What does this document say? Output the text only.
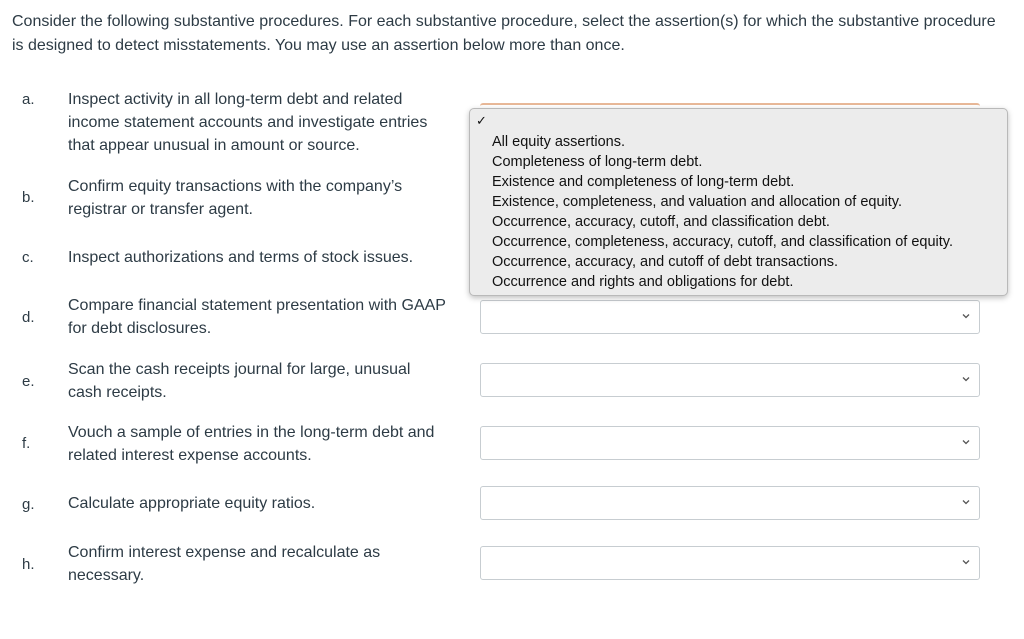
Consider the following substantive procedures. For each substantive procedure, select the assertion(s) for which the substantive procedure is designed to detect misstatements. You may use an assertion below more than once.

a. Inspect activity in all long-term debt and related income statement accounts and investigate entries that appear unusual in amount or source.
b.
Confirm equity transactions with the company’s registrar or transfer agent.
c. Inspect authorizations and terms of stock issues.
d.
Compare financial statement presentation with GAAP for debt disclosures.
e.
Scan the cash receipts journal for large, unusual cash receipts.
f.
Vouch a sample of entries in the long-term debt and related interest expense accounts.
g. Calculate appropriate equity ratios.
h.
Confirm interest expense and recalculate as necessary.
✓
All equity assertions.
Completeness of long-term debt.
Existence and completeness of long-term debt.
Existence, completeness, and valuation and allocation of equity.
Occurrence, accuracy, cutoff, and classification debt.
Occurrence, completeness, accuracy, cutoff, and classification of equity.
Occurrence, accuracy, and cutoff of debt transactions.
Occurrence and rights and obligations for debt.
